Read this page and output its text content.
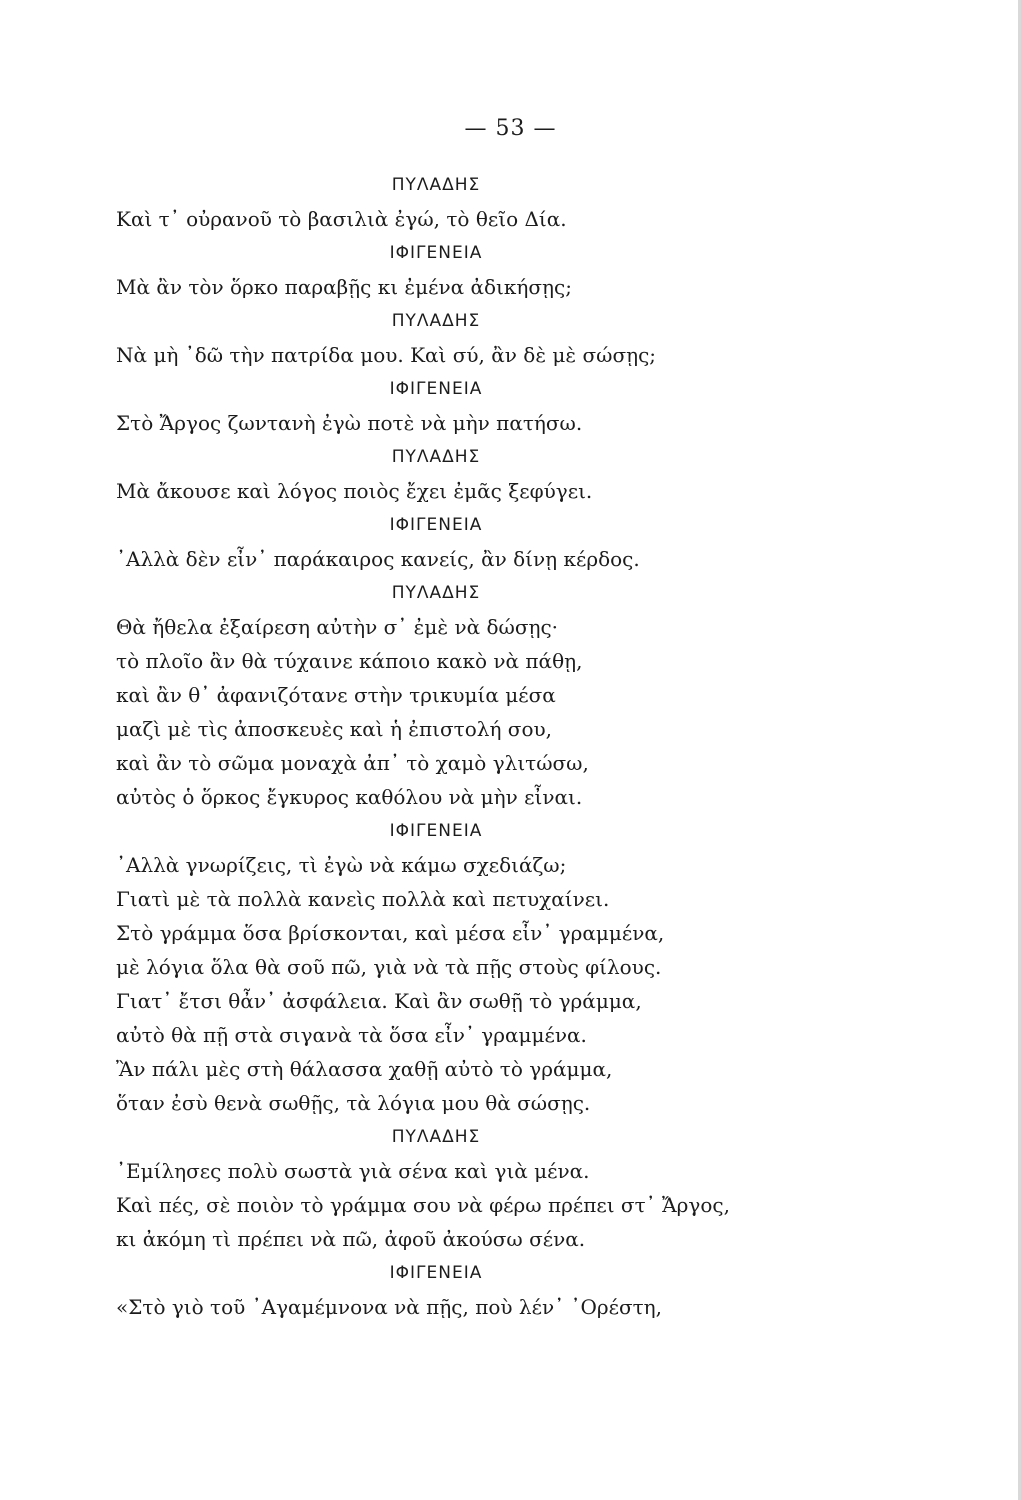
— 53 —
ΠΥΛΑΔΗΣ
Καὶ τ᾽ οὐρανοῦ τὸ βασιλιὰ ἐγώ, τὸ θεῖο Δία.
ΙΦΙΓΕΝΕΙΑ
Μὰ ἂν τὸν ὅρκο παραβῇς κι ἐμένα ἀδικήσῃς;
ΠΥΛΑΔΗΣ
Νὰ μὴ ᾽δῶ τὴν πατρίδα μου. Καὶ σύ, ἂν δὲ μὲ σώσῃς;
ΙΦΙΓΕΝΕΙΑ
Στὸ Ἄργος ζωντανὴ ἐγὼ ποτὲ νὰ μὴν πατήσω.
ΠΥΛΑΔΗΣ
Μὰ ἄκουσε καὶ λόγος ποιὸς ἔχει ἐμᾶς ξεφύγει.
ΙΦΙΓΕΝΕΙΑ
᾽Αλλὰ δὲν εἶν᾽ παράκαιρος κανείς, ἂν δίνῃ κέρδος.
ΠΥΛΑΔΗΣ
Θὰ ἤθελα ἐξαίρεση αὐτὴν σ᾽ ἐμὲ νὰ δώσῃς·
τὸ πλοῖο ἂν θὰ τύχαινε κάποιο κακὸ νὰ πάθῃ,
καὶ ἂν θ᾽ ἀφανιζότανε στὴν τρικυμία μέσα
μαζὶ μὲ τὶς ἀποσκευὲς καὶ ἡ ἐπιστολή σου,
καὶ ἂν τὸ σῶμα μοναχὰ ἀπ᾽ τὸ χαμὸ γλιτώσω,
αὐτὸς ὁ ὅρκος ἔγκυρος καθόλου νὰ μὴν εἶναι.
ΙΦΙΓΕΝΕΙΑ
᾽Αλλὰ γνωρίζεις, τὶ ἐγὼ νὰ κάμω σχεδιάζω;
Γιατὶ μὲ τὰ πολλὰ κανεὶς πολλὰ καὶ πετυχαίνει.
Στὸ γράμμα ὅσα βρίσκονται, καὶ μέσα εἶν᾽ γραμμένα,
μὲ λόγια ὅλα θὰ σοῦ πῶ, γιὰ νὰ τὰ πῇς στοὺς φίλους.
Γιατ᾽ ἔτσι θἆν᾽ ἀσφάλεια. Καὶ ἂν σωθῇ τὸ γράμμα,
αὐτὸ θὰ πῇ στὰ σιγανὰ τὰ ὅσα εἶν᾽ γραμμένα.
Ἂν πάλι μὲς στὴ θάλασσα χαθῇ αὐτὸ τὸ γράμμα,
ὅταν ἐσὺ θενὰ σωθῇς, τὰ λόγια μου θὰ σώσῃς.
ΠΥΛΑΔΗΣ
᾽Εμίλησες πολὺ σωστὰ γιὰ σένα καὶ γιὰ μένα.
Καὶ πές, σὲ ποιὸν τὸ γράμμα σου νὰ φέρω πρέπει στ᾽ Ἄργος,
κι ἀκόμη τὶ πρέπει νὰ πῶ, ἀφοῦ ἀκούσω σένα.
ΙΦΙΓΕΝΕΙΑ
«Στὸ γιὸ τοῦ ᾽Αγαμέμνονα νὰ πῇς, ποὺ λέν᾽ ᾽Ορέστη,
